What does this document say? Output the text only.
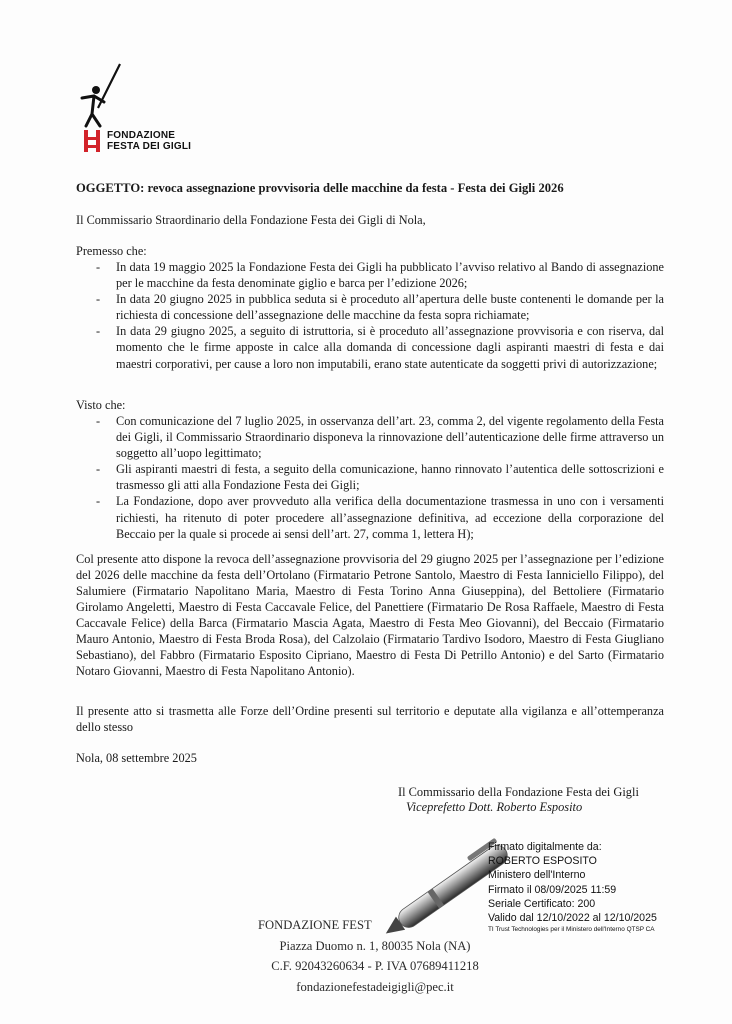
FONDAZIONE
FESTA DEI GIGLI
OGGETTO: revoca assegnazione provvisoria delle macchine da festa - Festa dei Gigli 2026
Il Commissario Straordinario della Fondazione Festa dei Gigli di Nola,
Premesso che:
- In data 19 maggio 2025 la Fondazione Festa dei Gigli ha pubblicato l’avviso relativo al Bando di assegnazione per le macchine da festa denominate giglio e barca per l’edizione 2026;
- In data 20 giugno 2025 in pubblica seduta si è proceduto all’apertura delle buste contenenti le domande per la richiesta di concessione dell’assegnazione delle macchine da festa sopra richiamate;
- In data 29 giugno 2025, a seguito di istruttoria, si è proceduto all’assegnazione provvisoria e con riserva, dal momento che le firme apposte in calce alla domanda di concessione dagli aspiranti maestri di festa e dai maestri corporativi, per cause a loro non imputabili, erano state autenticate da soggetti privi di autorizzazione;
Visto che:
- Con comunicazione del 7 luglio 2025, in osservanza dell’art. 23, comma 2, del vigente regolamento della Festa dei Gigli, il Commissario Straordinario disponeva la rinnovazione dell’autenticazione delle firme attraverso un soggetto all’uopo legittimato;
- Gli aspiranti maestri di festa, a seguito della comunicazione, hanno rinnovato l’autentica delle sottoscrizioni e trasmesso gli atti alla Fondazione Festa dei Gigli;
- La Fondazione, dopo aver provveduto alla verifica della documentazione trasmessa in uno con i versamenti richiesti, ha ritenuto di poter procedere all’assegnazione definitiva, ad eccezione della corporazione del Beccaio per la quale si procede ai sensi dell’art. 27, comma 1, lettera H);
Col presente atto dispone la revoca dell’assegnazione provvisoria del 29 giugno 2025 per l’assegnazione per l’edizione del 2026 delle macchine da festa dell’Ortolano (Firmatario Petrone Santolo, Maestro di Festa Ianniciello Filippo), del Salumiere (Firmatario Napolitano Maria, Maestro di Festa Torino Anna Giuseppina), del Bettoliere (Firmatario Girolamo Angeletti, Maestro di Festa Caccavale Felice, del Panettiere (Firmatario De Rosa Raffaele, Maestro di Festa Caccavale Felice) della Barca (Firmatario Mascia Agata, Maestro di Festa Meo Giovanni), del Beccaio (Firmatario Mauro Antonio, Maestro di Festa Broda Rosa), del Calzolaio (Firmatario Tardivo Isodoro, Maestro di Festa Giugliano Sebastiano), del Fabbro (Firmatario Esposito Cipriano, Maestro di Festa Di Petrillo Antonio) e del Sarto (Firmatario Notaro Giovanni, Maestro di Festa Napolitano Antonio).
Il presente atto si trasmetta alle Forze dell’Ordine presenti sul territorio e deputate alla vigilanza e all’ottemperanza dello stesso
Nola, 08 settembre 2025
Il Commissario della Fondazione Festa dei Gigli
Viceprefetto Dott. Roberto Esposito
Firmato digitalmente da:
ROBERTO ESPOSITO
Ministero dell'Interno
Firmato il 08/09/2025 11:59
Seriale Certificato: 200
Valido dal 12/10/2022 al 12/10/2025
TI Trust Technologies per il Ministero dell'Interno QTSP CA
FONDAZIONE FEST
Piazza Duomo n. 1, 80035 Nola (NA)
C.F. 92043260634 - P. IVA 07689411218
fondazionefestadeigigli@pec.it
